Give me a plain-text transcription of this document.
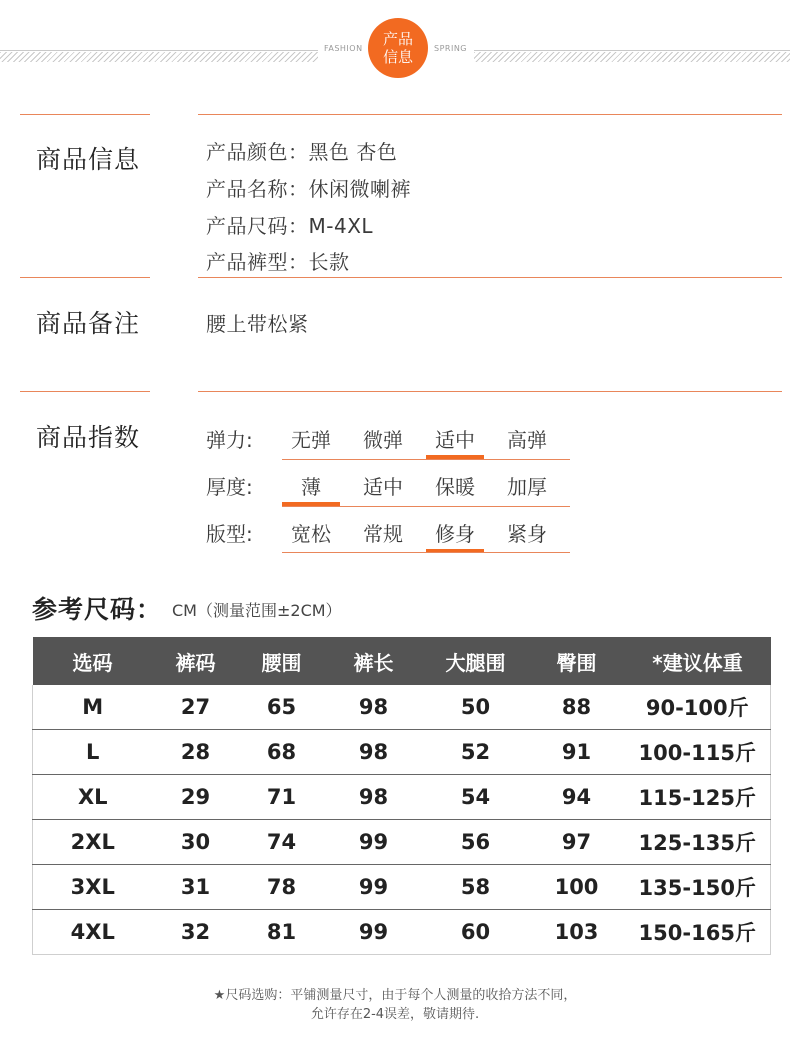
FASHION	SPRING
产品
信息
商品信息	产品颜色：黑色 杏色
产品名称：休闲微喇裤
产品尺码：M-4XL
产品裤型：长款
商品备注	腰上带松紧
商品指数	弹力:	无弹	微弹	适中	高弹
厚度:	薄	适中	保暖	加厚
版型:	宽松	常规	修身	紧身
参考尺码： CM（测量范围±2CM）
选码	裤码	腰围	裤长	大腿围	臀围	*建议体重
M	27	65	98	50	88	90-100斤
L	28	68	98	52	91	100-115斤
XL	29	71	98	54	94	115-125斤
2XL	30	74	99	56	97	125-135斤
3XL	31	78	99	58	100	135-150斤
4XL	32	81	99	60	103	150-165斤
★尺码选购：平铺测量尺寸，由于每个人测量的收拾方法不同，
允许存在2-4误差，敬请期待.
